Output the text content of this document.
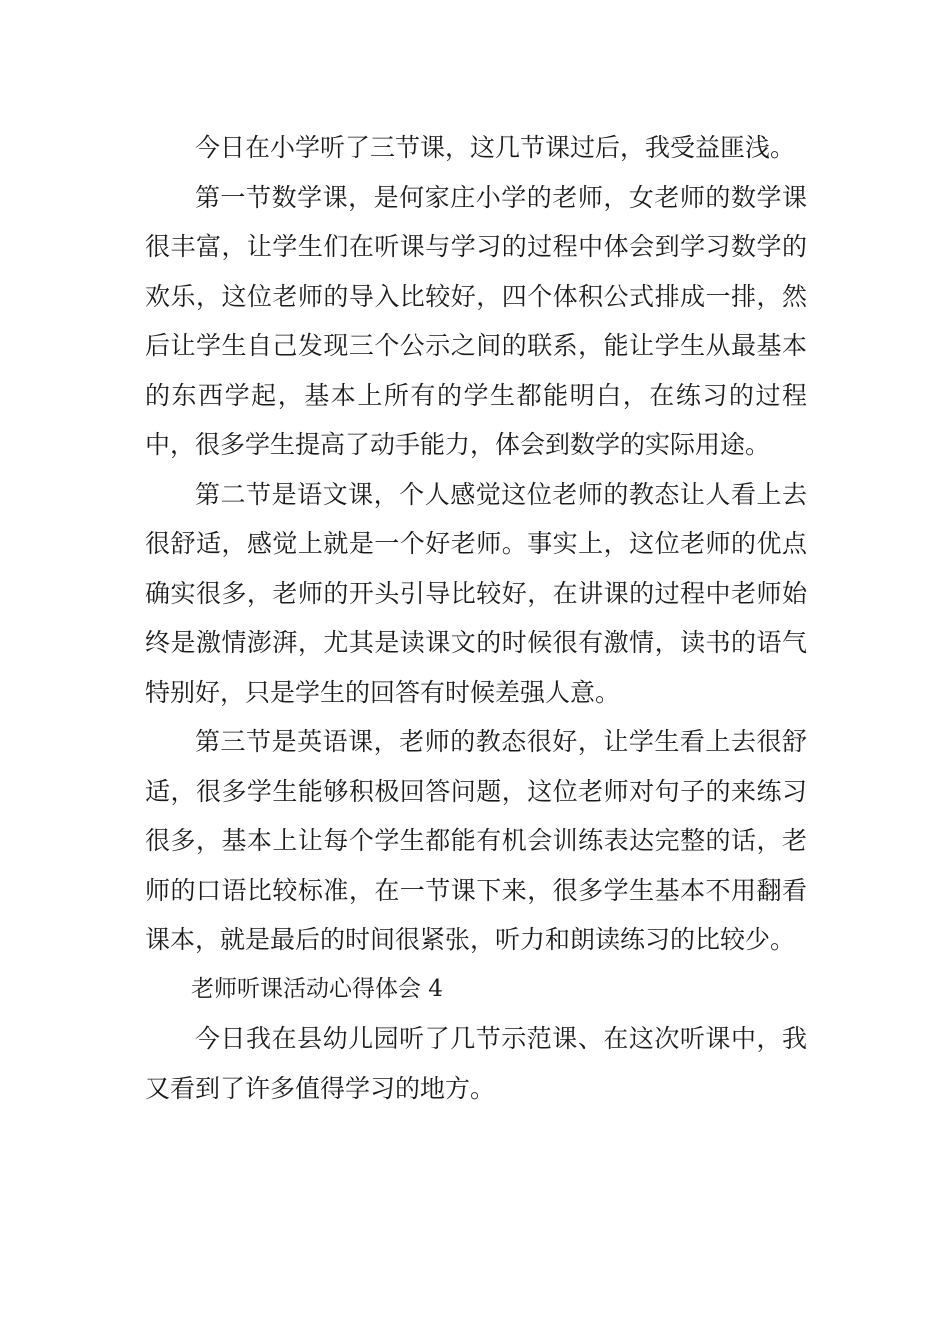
今日在小学听了三节课，这几节课过后，我受益匪浅。

第一节数学课，是何家庄小学的老师，女老师的数学课很丰富，让学生们在听课与学习的过程中体会到学习数学的欢乐，这位老师的导入比较好，四个体积公式排成一排，然后让学生自己发现三个公示之间的联系，能让学生从最基本的东西学起，基本上所有的学生都能明白，在练习的过程中，很多学生提高了动手能力，体会到数学的实际用途。

第二节是语文课，个人感觉这位老师的教态让人看上去很舒适，感觉上就是一个好老师。事实上，这位老师的优点确实很多，老师的开头引导比较好，在讲课的过程中老师始终是激情澎湃，尤其是读课文的时候很有激情，读书的语气特别好，只是学生的回答有时候差强人意。

第三节是英语课，老师的教态很好，让学生看上去很舒适，很多学生能够积极回答问题，这位老师对句子的来练习很多，基本上让每个学生都能有机会训练表达完整的话，老师的口语比较标准，在一节课下来，很多学生基本不用翻看课本，就是最后的时间很紧张，听力和朗读练习的比较少。

老师听课活动心得体会 4

今日我在县幼儿园听了几节示范课、在这次听课中，我又看到了许多值得学习的地方。
